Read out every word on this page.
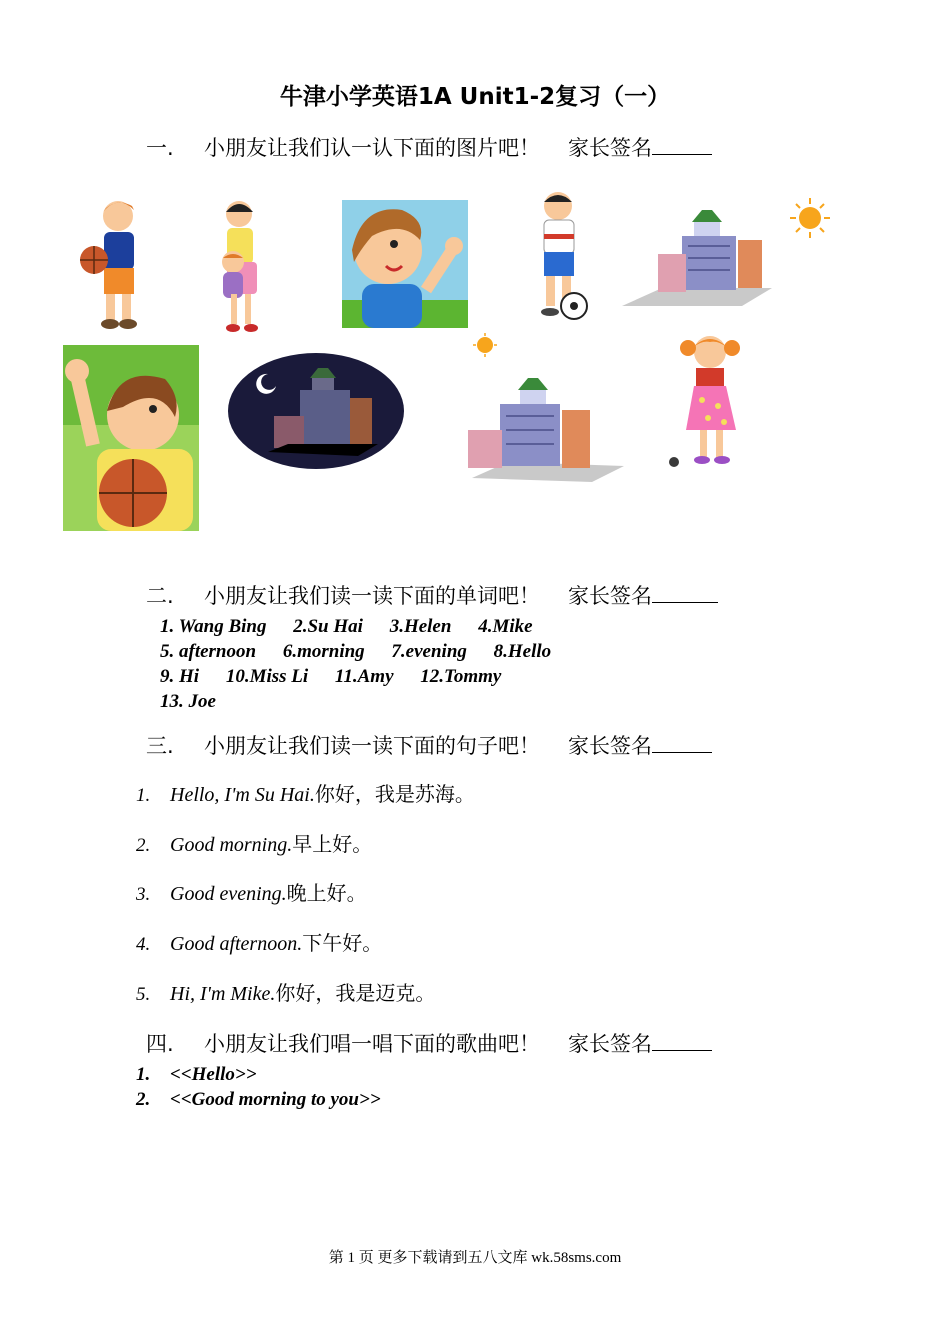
牛津小学英语1A Unit1-2复习（一）
一. 小朋友让我们认一认下面的图片吧！ 家长签名
二. 小朋友让我们读一读下面的单词吧！ 家长签名
1. Wang Bing 2.Su Hai 3.Helen 4.Mike
5. afternoon 6.morning 7.evening 8.Hello
9. Hi 10.Miss Li 11.Amy 12.Tommy
13. Joe
三. 小朋友让我们读一读下面的句子吧！ 家长签名
1. Hello, I'm Su Hai.你好，我是苏海。
2. Good morning.早上好。
3. Good evening.晚上好。
4. Good afternoon.下午好。
5. Hi, I'm Mike.你好，我是迈克。
四. 小朋友让我们唱一唱下面的歌曲吧！ 家长签名
1. <<Hello>>
2. <<Good morning to you>>
第 1 页 更多下载请到五八文库 wk.58sms.com
